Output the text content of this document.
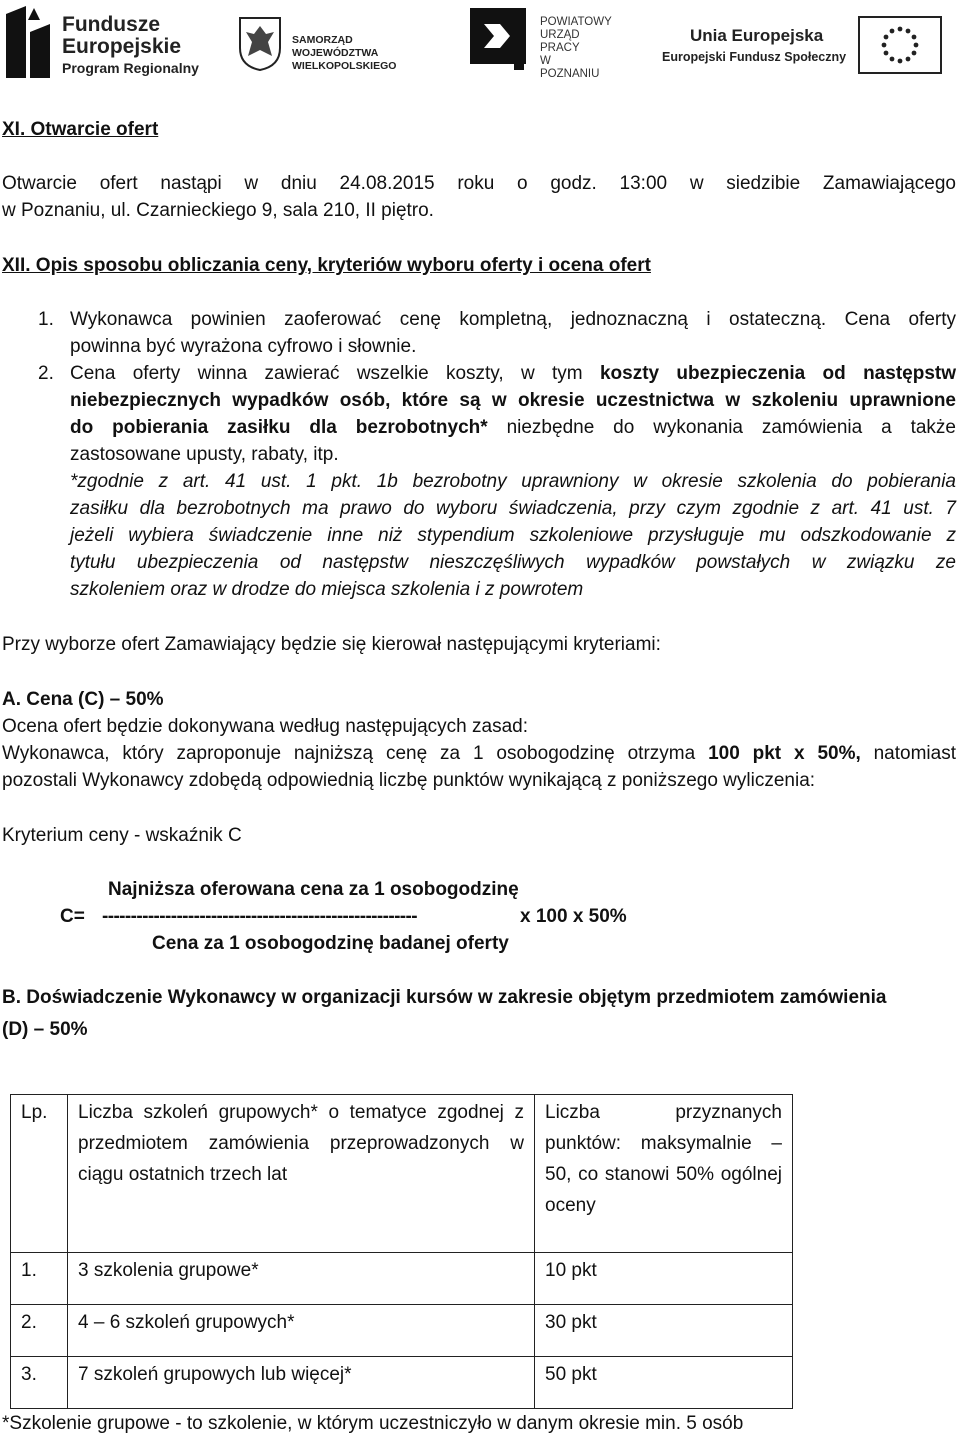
Fundusze
Europejskie
Program Regionalny
SAMORZĄD WOJEWÓDZTWA
WIELKOPOLSKIEGO
POWIATOWY
URZĄD PRACY
W POZNANIU
Unia Europejska
Europejski Fundusz Społeczny
XI. Otwarcie ofert
Otwarcie ofert nastąpi w dniu 24.08.2015 roku o godz. 13:00 w siedzibie Zamawiającego
w Poznaniu, ul. Czarnieckiego 9, sala 210, II piętro.
XII. Opis sposobu obliczania ceny, kryteriów wyboru oferty i ocena ofert
1. Wykonawca powinien zaoferować cenę kompletną, jednoznaczną i ostateczną. Cena oferty
powinna być wyrażona cyfrowo i słownie.
2. Cena oferty winna zawierać wszelkie koszty, w tym koszty ubezpieczenia od następstw
niebezpiecznych wypadków osób, które są w okresie uczestnictwa w szkoleniu uprawnione
do pobierania zasiłku dla bezrobotnych* niezbędne do wykonania zamówienia a także
zastosowane upusty, rabaty, itp.
*zgodnie z art. 41 ust. 1 pkt. 1b bezrobotny uprawniony w okresie szkolenia do pobierania
zasiłku dla bezrobotnych ma prawo do wyboru świadczenia, przy czym zgodnie z art. 41 ust. 7
jeżeli wybiera świadczenie inne niż stypendium szkoleniowe przysługuje mu odszkodowanie z
tytułu ubezpieczenia od następstw nieszczęśliwych wypadków powstałych w związku ze
szkoleniem oraz w drodze do miejsca szkolenia i z powrotem
Przy wyborze ofert Zamawiający będzie się kierował następującymi kryteriami:
A. Cena (C) – 50%
Ocena ofert będzie dokonywana według następujących zasad:
Wykonawca, który zaproponuje najniższą cenę za 1 osobogodzinę otrzyma 100 pkt x 50%, natomiast
pozostali Wykonawcy zdobędą odpowiednią liczbę punktów wynikającą z poniższego wyliczenia:
Kryterium ceny - wskaźnik C
Najniższa oferowana cena za 1 osobogodzinę
C= -------------------------------------------------------	x 100 x 50%
Cena za 1 osobogodzinę badanej oferty
B. Doświadczenie Wykonawcy w organizacji kursów w zakresie objętym przedmiotem zamówienia
(D) – 50%
Lp.	Liczba szkoleń grupowych* o tematyce zgodnej z przedmiotem zamówienia przeprowadzonych w ciągu ostatnich trzech lat	Liczba przyznanych punktów: maksymalnie – 50, co stanowi 50% ogólnej oceny
1.	3 szkolenia grupowe*	10 pkt
2.	4 – 6 szkoleń grupowych*	30 pkt
3.	7 szkoleń grupowych lub więcej*	50 pkt
*Szkolenie grupowe - to szkolenie, w którym uczestniczyło w danym okresie min. 5 osób
